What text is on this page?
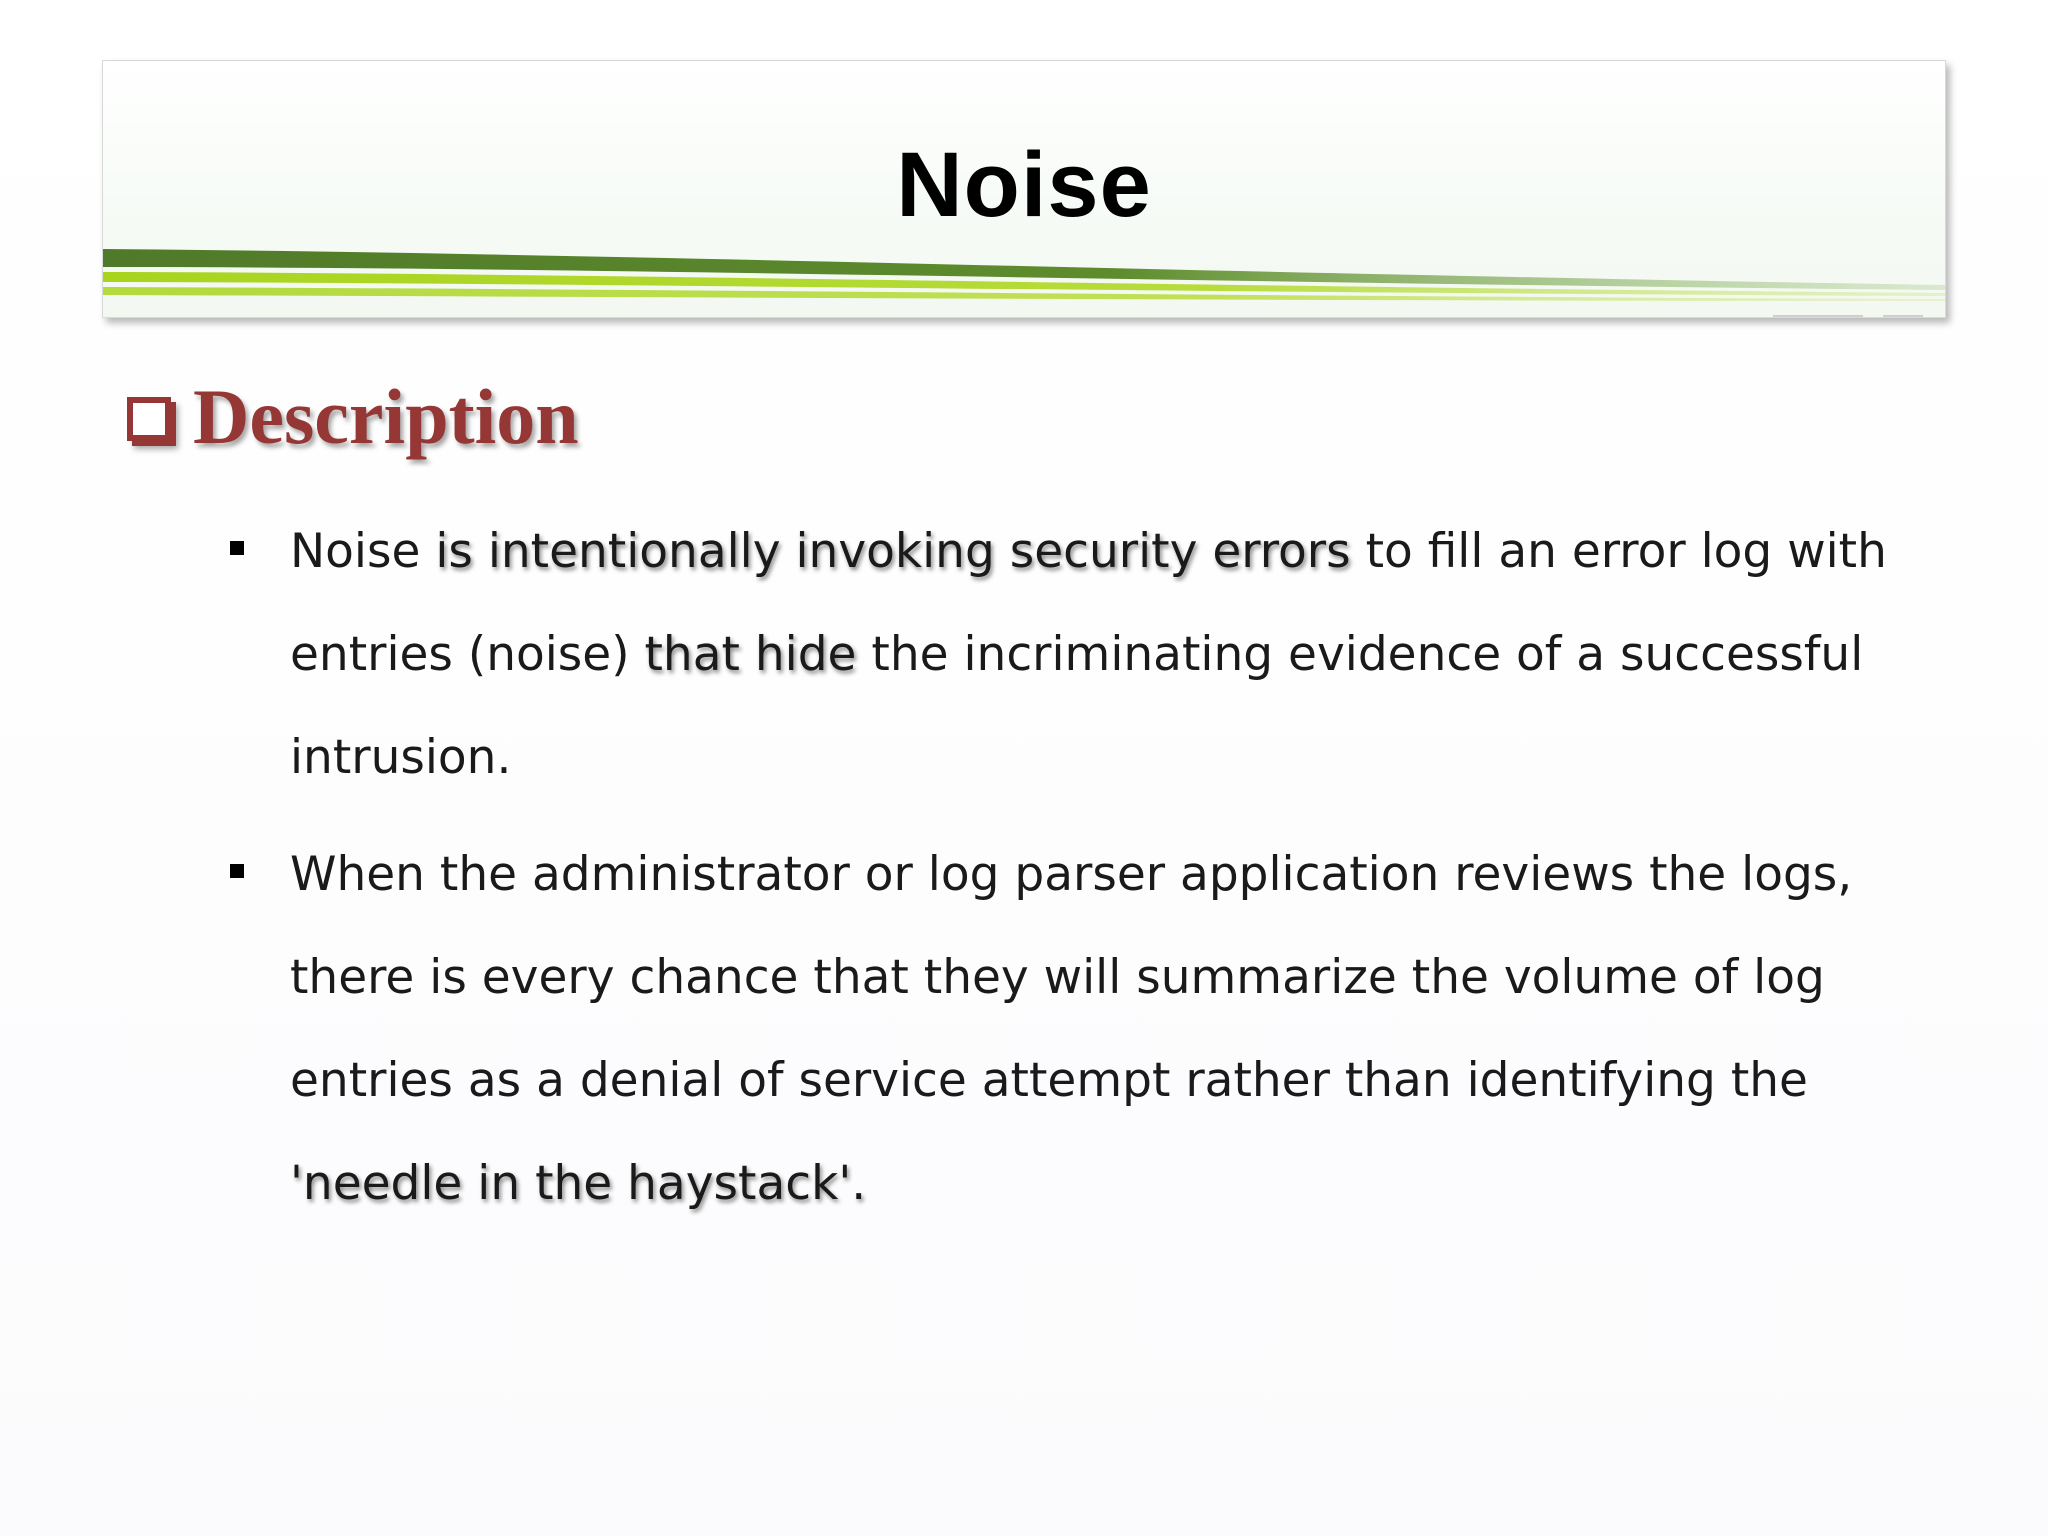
Noise
Description
Noise is intentionally invoking security errors to fill an error log with entries (noise) that hide the incriminating evidence of a successful intrusion.
When the administrator or log parser application reviews the logs, there is every chance that they will summarize the volume of log entries as a denial of service attempt rather than identifying the 'needle in the haystack'.
